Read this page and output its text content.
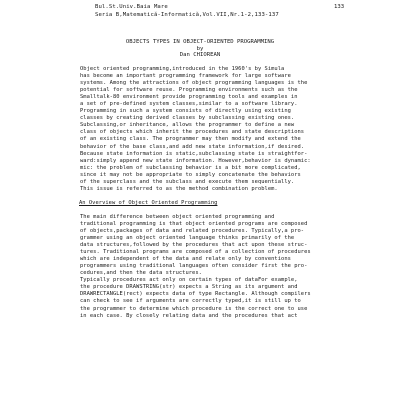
Bul.St.Univ.Baia Mare
Seria B,Matematică-Informatică,Vol.VII,Nr.1-2,133-137
133
OBJECTS TYPES IN OBJECT-ORIENTED PROGRAMMING
by
Dan CHIOREAN
Object oriented programming,introduced in the 1960's by Simula
has become an important programming framework for large software
systems. Among the attractions of object programming languages is the
potential for software reuse. Programming environments such as the
Smalltalk-80 environment provide programming tools and examples in
a set of pre-defined system classes,similar to a software library.
Programming in such a system consists of directly using existing
classes by creating derived classes by subclassing existing ones.
Subclassing,or inheritance, allows the programmer to define a new
class of objects which inherit the procedures and state descriptions
of an existing class. The programmer may then modify and extend the
behavior of the base class,and add new state information,if desired.
Because state information is static,subclassing state is straightfor-
ward:simply append new state information. However,behavior is dynamic:
mic: the problem of subclassing behavior is a bit more complicated,
since it may not be appropriate to simply concatenate the behaviors
of the superclass and the subclass and execute them sequentially.
This issue is referred to as the method combination problem.
An Overview of Object Oriented Programming
The main difference between object oriented programming and
traditional programming is that object oriented programs are composed
of objects,packages of data and related procedures. Typically,a pro-
grammer using an object oriented language thinks primarily of the
data structures,followed by the procedures that act upon these struc-
tures. Traditional programs are composed of a collection of procedures
which are independent of the data and relate only by conventions
programmers using traditional languages often consider first the pro-
cedures,and then the data structures.
Typically procedures act only on certain types of dataFor example,
the procedure DRAWSTRING(str) expects a String as its argument and
DRAWRECTANGLE(rect) expects data of type Rectangle. Although compilers
can check to see if arguments are correctly typed,it is still up to
the programmer to determine which procedure is the correct one to use
in each case. By closely relating data and the procedures that act
